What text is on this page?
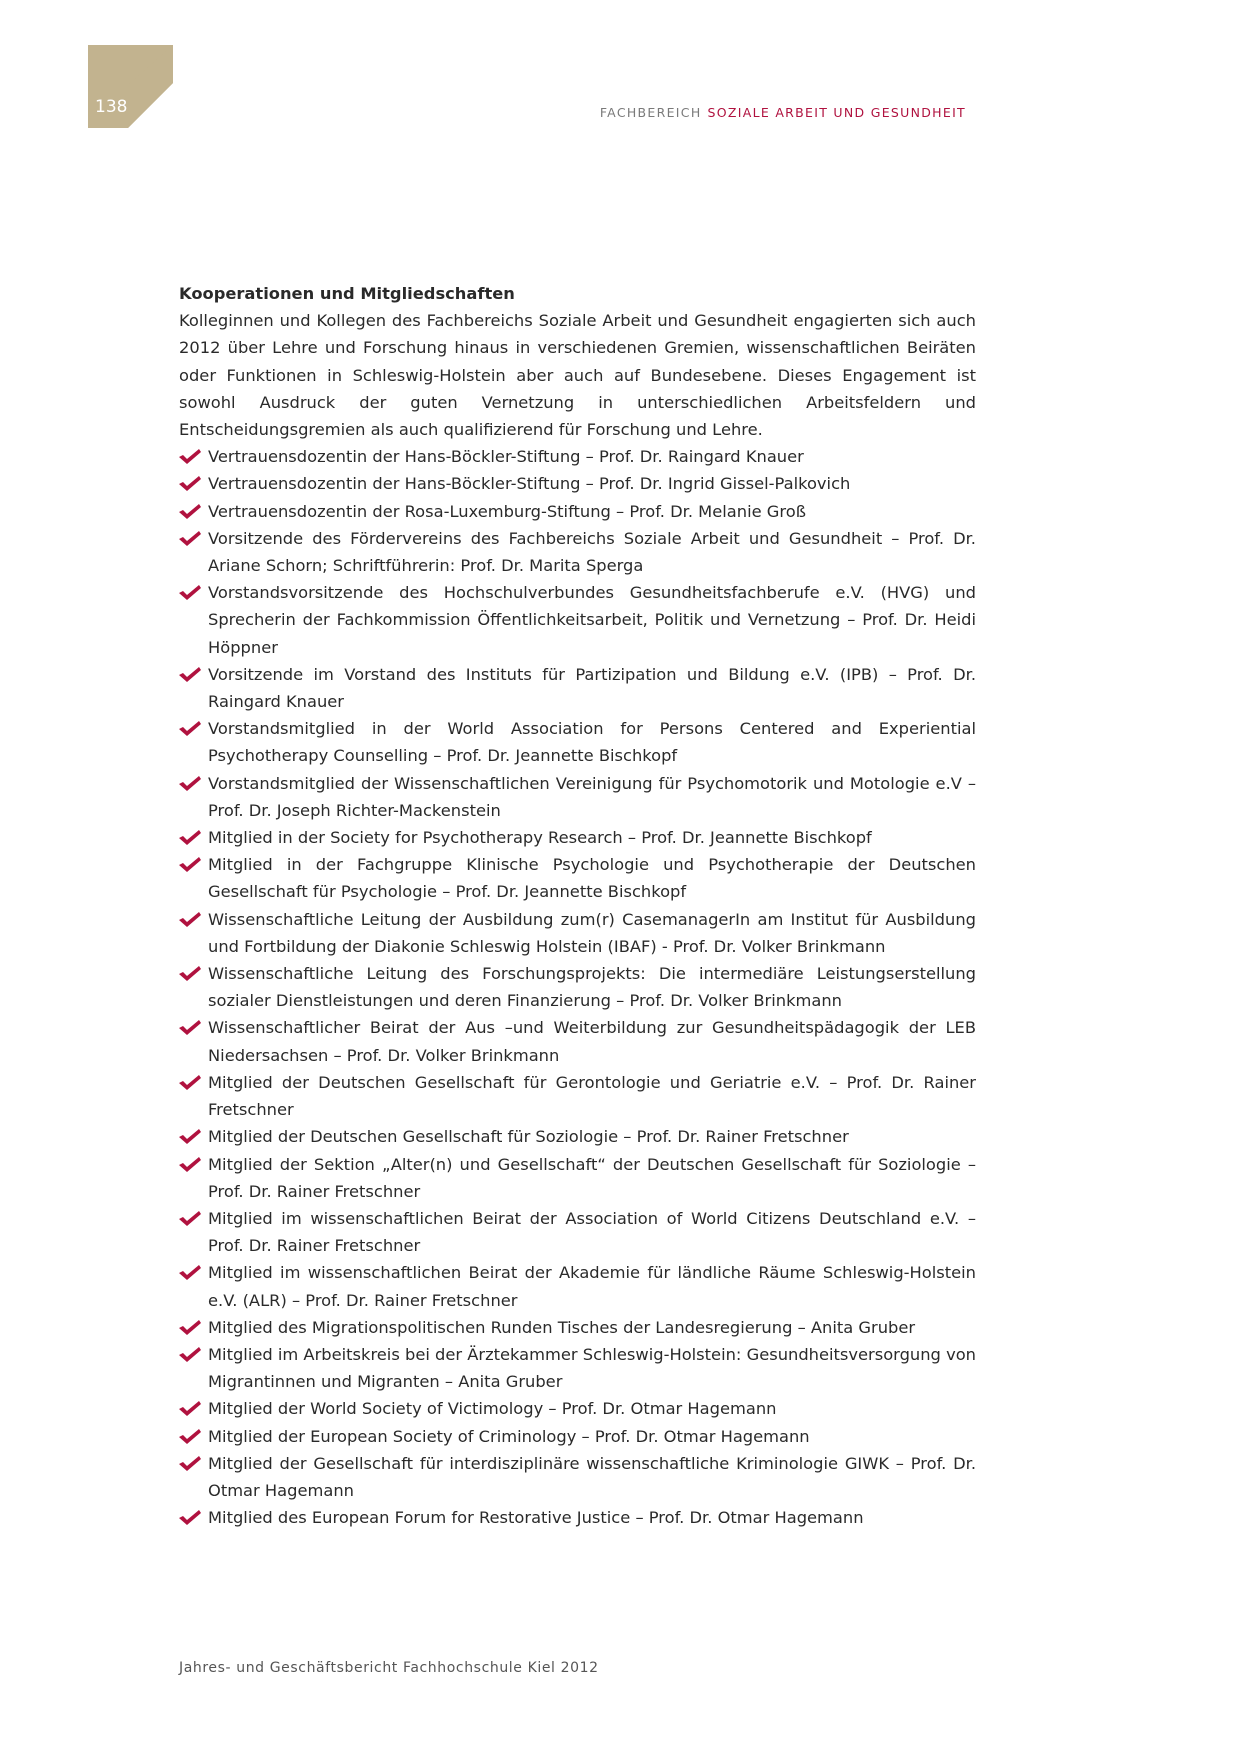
138	FACHBEREICH SOZIALE ARBEIT UND GESUNDHEIT

Kooperationen und Mitgliedschaften

Kolleginnen und Kollegen des Fachbereichs Soziale Arbeit und Gesundheit engagierten sich auch 2012 über Lehre und Forschung hinaus in verschiedenen Gremien, wissenschaftlichen Beiräten oder Funktionen in Schleswig-Holstein aber auch auf Bundesebene. Dieses Engagement ist sowohl Ausdruck der guten Vernetzung in unterschiedlichen Arbeitsfeldern und Entscheidungsgremien als auch qualifizierend für Forschung und Lehre.

Vertrauensdozentin der Hans-Böckler-Stiftung – Prof. Dr. Raingard Knauer
Vertrauensdozentin der Hans-Böckler-Stiftung – Prof. Dr. Ingrid Gissel-Palkovich
Vertrauensdozentin der Rosa-Luxemburg-Stiftung – Prof. Dr. Melanie Groß
Vorsitzende des Fördervereins des Fachbereichs Soziale Arbeit und Gesundheit – Prof. Dr. Ariane Schorn; Schriftführerin: Prof. Dr. Marita Sperga
Vorstandsvorsitzende des Hochschulverbundes Gesundheitsfachberufe e.V. (HVG) und Sprecherin der Fachkommission Öffentlichkeitsarbeit, Politik und Vernetzung – Prof. Dr. Heidi Höppner
Vorsitzende im Vorstand des Instituts für Partizipation und Bildung e.V. (IPB) – Prof. Dr. Raingard Knauer
Vorstandsmitglied in der World Association for Persons Centered and Experiential Psychotherapy Counselling – Prof. Dr. Jeannette Bischkopf
Vorstandsmitglied der Wissenschaftlichen Vereinigung für Psychomotorik und Motologie e.V – Prof. Dr. Joseph Richter-Mackenstein
Mitglied in der Society for Psychotherapy Research – Prof. Dr. Jeannette Bischkopf
Mitglied in der Fachgruppe Klinische Psychologie und Psychotherapie der Deutschen Gesellschaft für Psychologie – Prof. Dr. Jeannette Bischkopf
Wissenschaftliche Leitung der Ausbildung zum(r) CasemanagerIn am Institut für Ausbildung und Fortbildung der Diakonie Schleswig Holstein (IBAF) - Prof. Dr. Volker Brinkmann
Wissenschaftliche Leitung des Forschungsprojekts: Die intermediäre Leistungserstellung sozialer Dienstleistungen und deren Finanzierung – Prof. Dr. Volker Brinkmann
Wissenschaftlicher Beirat der Aus –und Weiterbildung zur Gesundheitspädagogik der LEB Niedersachsen – Prof. Dr. Volker Brinkmann
Mitglied der Deutschen Gesellschaft für Gerontologie und Geriatrie e.V. – Prof. Dr. Rainer Fretschner
Mitglied der Deutschen Gesellschaft für Soziologie – Prof. Dr. Rainer Fretschner
Mitglied der Sektion „Alter(n) und Gesellschaft“ der Deutschen Gesellschaft für Soziologie – Prof. Dr. Rainer Fretschner
Mitglied im wissenschaftlichen Beirat der Association of World Citizens Deutschland e.V. – Prof. Dr. Rainer Fretschner
Mitglied im wissenschaftlichen Beirat der Akademie für ländliche Räume Schleswig-Holstein e.V. (ALR) – Prof. Dr. Rainer Fretschner
Mitglied des Migrationspolitischen Runden Tisches der Landesregierung – Anita Gruber
Mitglied im Arbeitskreis bei der Ärztekammer Schleswig-Holstein: Gesundheitsversorgung von Migrantinnen und Migranten – Anita Gruber
Mitglied der World Society of Victimology – Prof. Dr. Otmar Hagemann
Mitglied der European Society of Criminology – Prof. Dr. Otmar Hagemann
Mitglied der Gesellschaft für interdisziplinäre wissenschaftliche Kriminologie GIWK – Prof. Dr. Otmar Hagemann
Mitglied des European Forum for Restorative Justice – Prof. Dr. Otmar Hagemann
Jahres- und Geschäftsbericht Fachhochschule Kiel 2012
